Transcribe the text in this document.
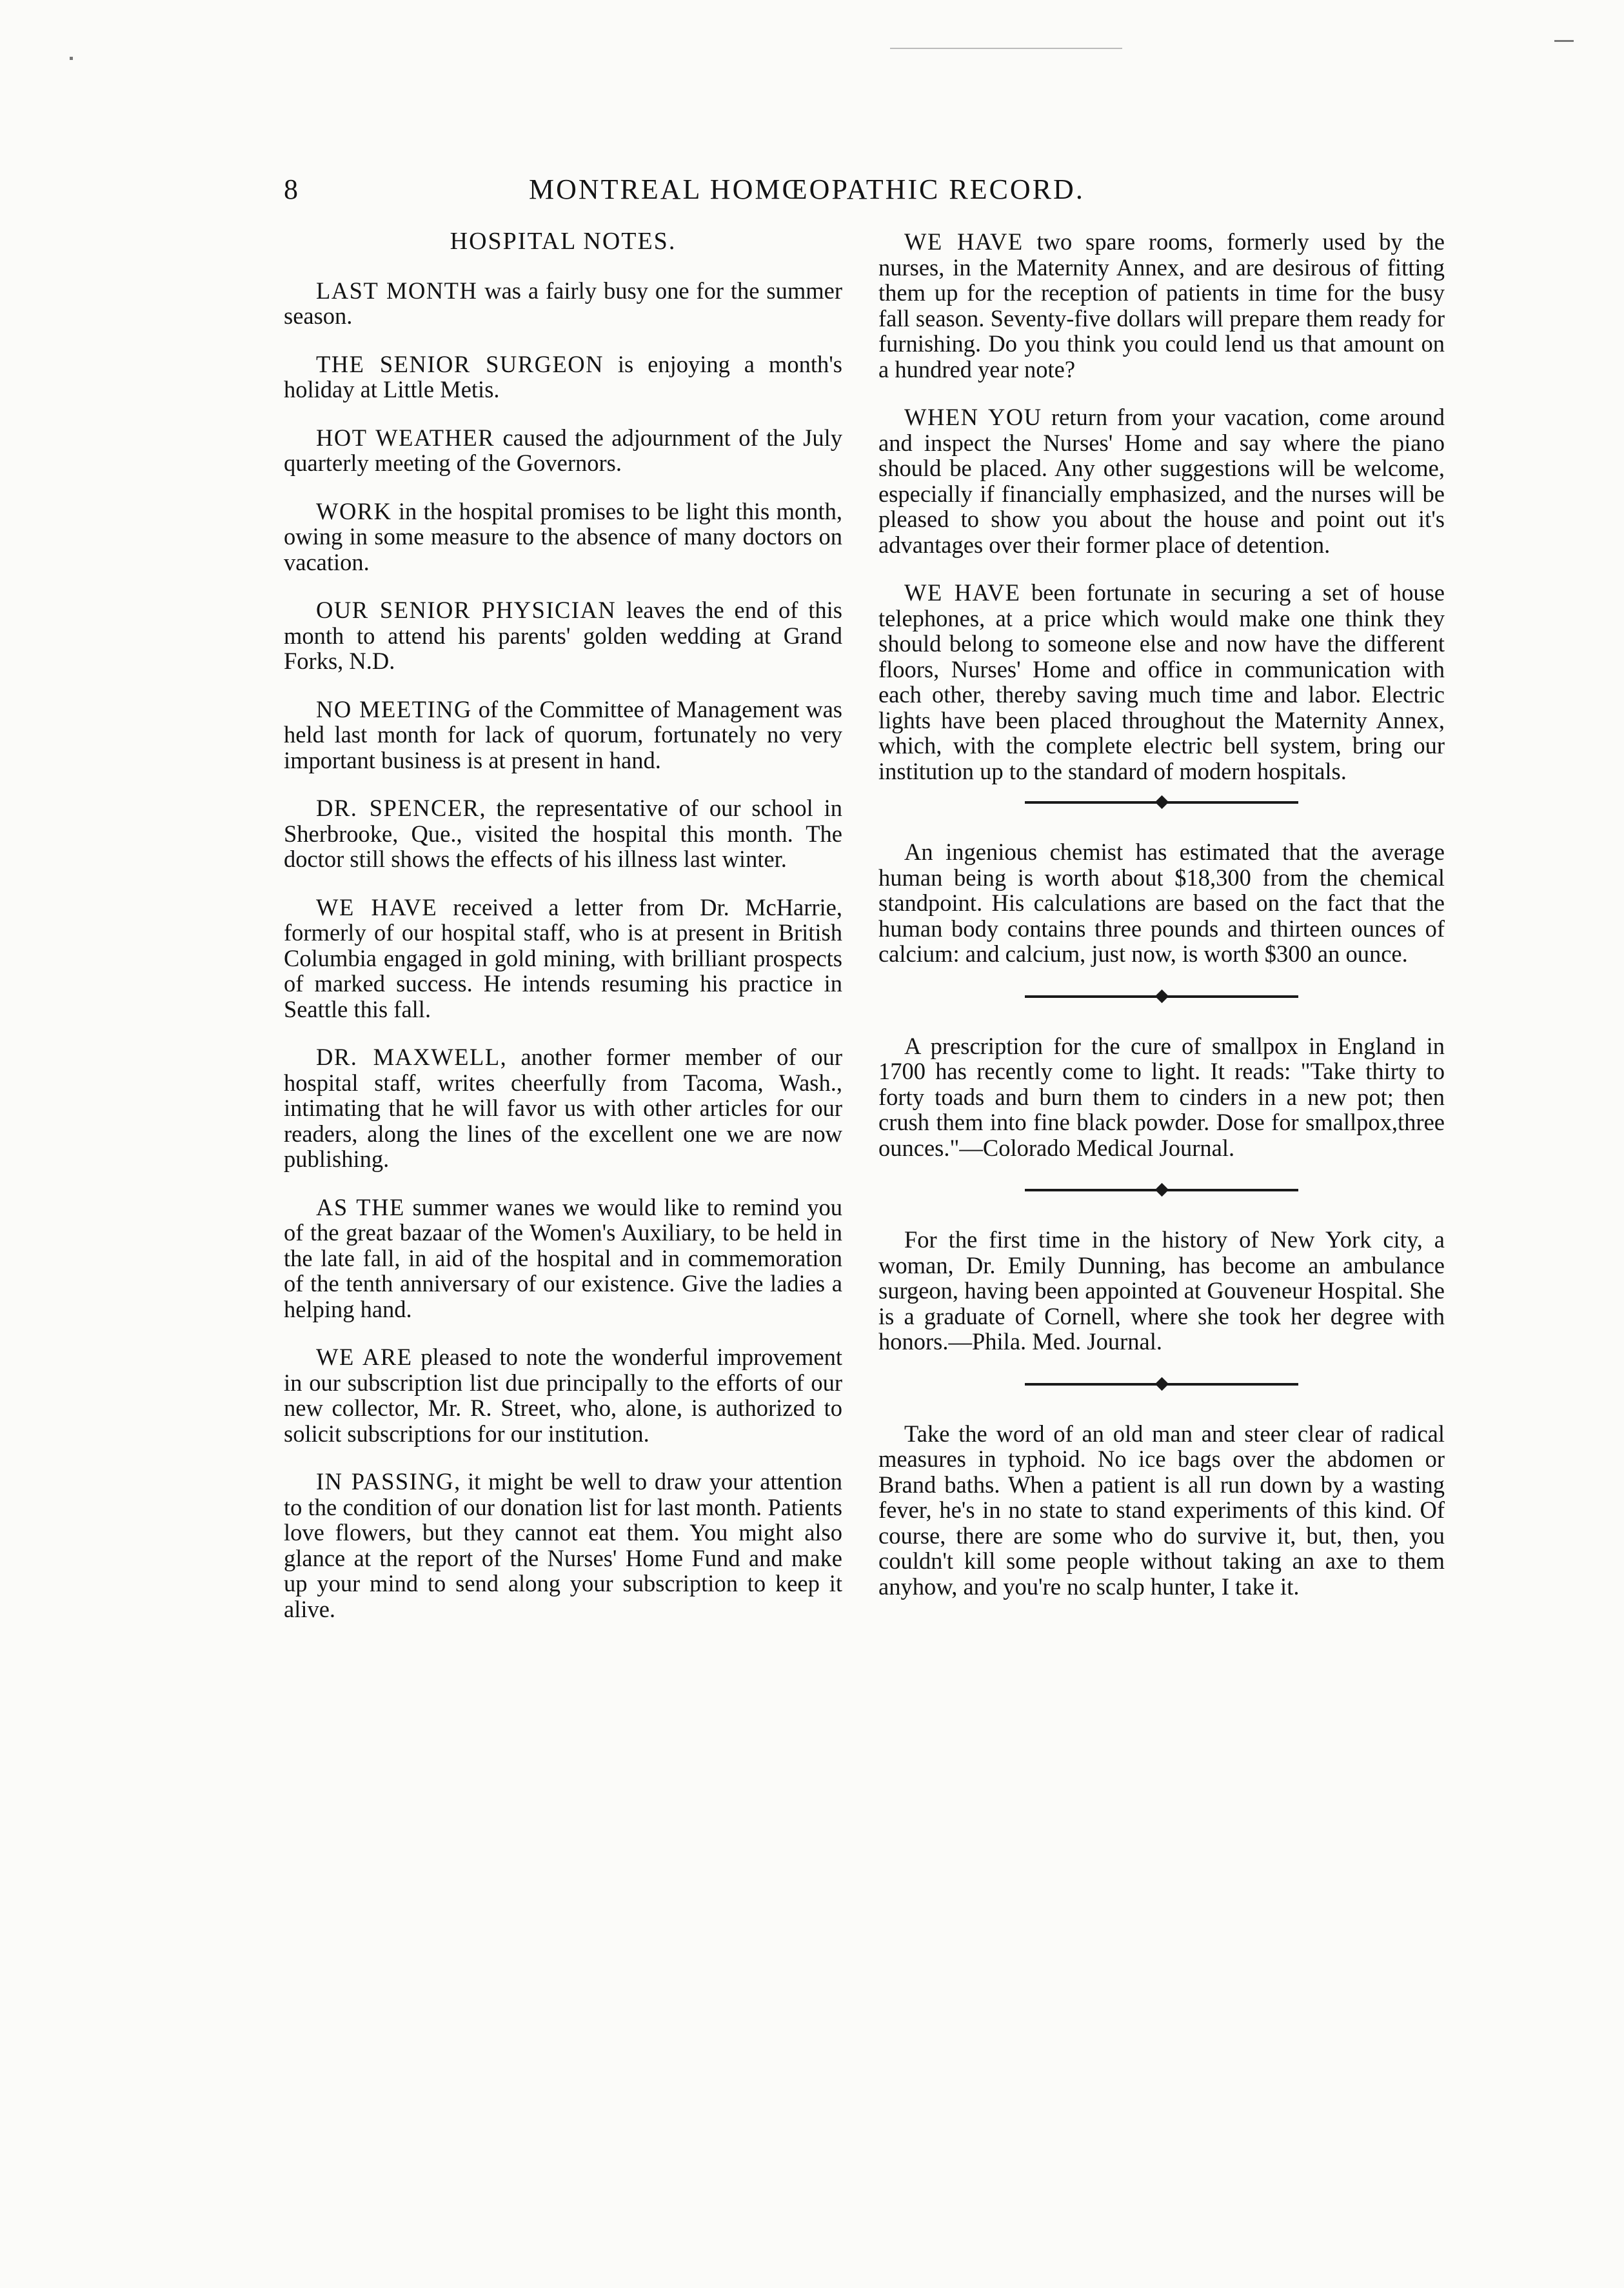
8	MONTREAL HOMŒOPATHIC RECORD.
HOSPITAL NOTES.

LAST MONTH was a fairly busy one for the summer season.

THE SENIOR SURGEON is enjoying a month's holiday at Little Metis.

HOT WEATHER caused the adjournment of the July quarterly meeting of the Governors.

WORK in the hospital promises to be light this month, owing in some measure to the absence of many doctors on vacation.

OUR SENIOR PHYSICIAN leaves the end of this month to attend his parents' golden wedding at Grand Forks, N.D.

NO MEETING of the Committee of Management was held last month for lack of quorum, fortunately no very important business is at present in hand.

DR. SPENCER, the representative of our school in Sherbrooke, Que., visited the hospital this month. The doctor still shows the effects of his illness last winter.

WE HAVE received a letter from Dr. McHarrie, formerly of our hospital staff, who is at present in British Columbia engaged in gold mining, with brilliant prospects of marked success. He intends resuming his practice in Seattle this fall.

DR. MAXWELL, another former member of our hospital staff, writes cheerfully from Tacoma, Wash., intimating that he will favor us with other articles for our readers, along the lines of the excellent one we are now publishing.

AS THE summer wanes we would like to remind you of the great bazaar of the Women's Auxiliary, to be held in the late fall, in aid of the hospital and in commemoration of the tenth anniversary of our existence. Give the ladies a helping hand.

WE ARE pleased to note the wonderful improvement in our subscription list due principally to the efforts of our new collector, Mr. R. Street, who, alone, is authorized to solicit subscriptions for our institution.

IN PASSING, it might be well to draw your attention to the condition of our donation list for last month. Patients love flowers, but they cannot eat them. You might also glance at the report of the Nurses' Home Fund and make up your mind to send along your subscription to keep it alive.

WE HAVE two spare rooms, formerly used by the nurses, in the Maternity Annex, and are desirous of fitting them up for the reception of patients in time for the busy fall season. Seventy-five dollars will prepare them ready for furnishing. Do you think you could lend us that amount on a hundred year note?

WHEN YOU return from your vacation, come around and inspect the Nurses' Home and say where the piano should be placed. Any other suggestions will be welcome, especially if financially emphasized, and the nurses will be pleased to show you about the house and point out it's advantages over their former place of detention.

WE HAVE been fortunate in securing a set of house telephones, at a price which would make one think they should belong to someone else and now have the different floors, Nurses' Home and office in communication with each other, thereby saving much time and labor. Electric lights have been placed throughout the Maternity Annex, which, with the complete electric bell system, bring our institution up to the standard of modern hospitals.

An ingenious chemist has estimated that the average human being is worth about $18,300 from the chemical standpoint. His calculations are based on the fact that the human body contains three pounds and thirteen ounces of calcium: and calcium, just now, is worth $300 an ounce.

A prescription for the cure of smallpox in England in 1700 has recently come to light. It reads: "Take thirty to forty toads and burn them to cinders in a new pot; then crush them into fine black powder. Dose for smallpox,three ounces."—Colorado Medical Journal.

For the first time in the history of New York city, a woman, Dr. Emily Dunning, has become an ambulance surgeon, having been appointed at Gouveneur Hospital. She is a graduate of Cornell, where she took her degree with honors.—Phila. Med. Journal.

Take the word of an old man and steer clear of radical measures in typhoid. No ice bags over the abdomen or Brand baths. When a patient is all run down by a wasting fever, he's in no state to stand experiments of this kind. Of course, there are some who do survive it, but, then, you couldn't kill some people without taking an axe to them anyhow, and you're no scalp hunter, I take it.
